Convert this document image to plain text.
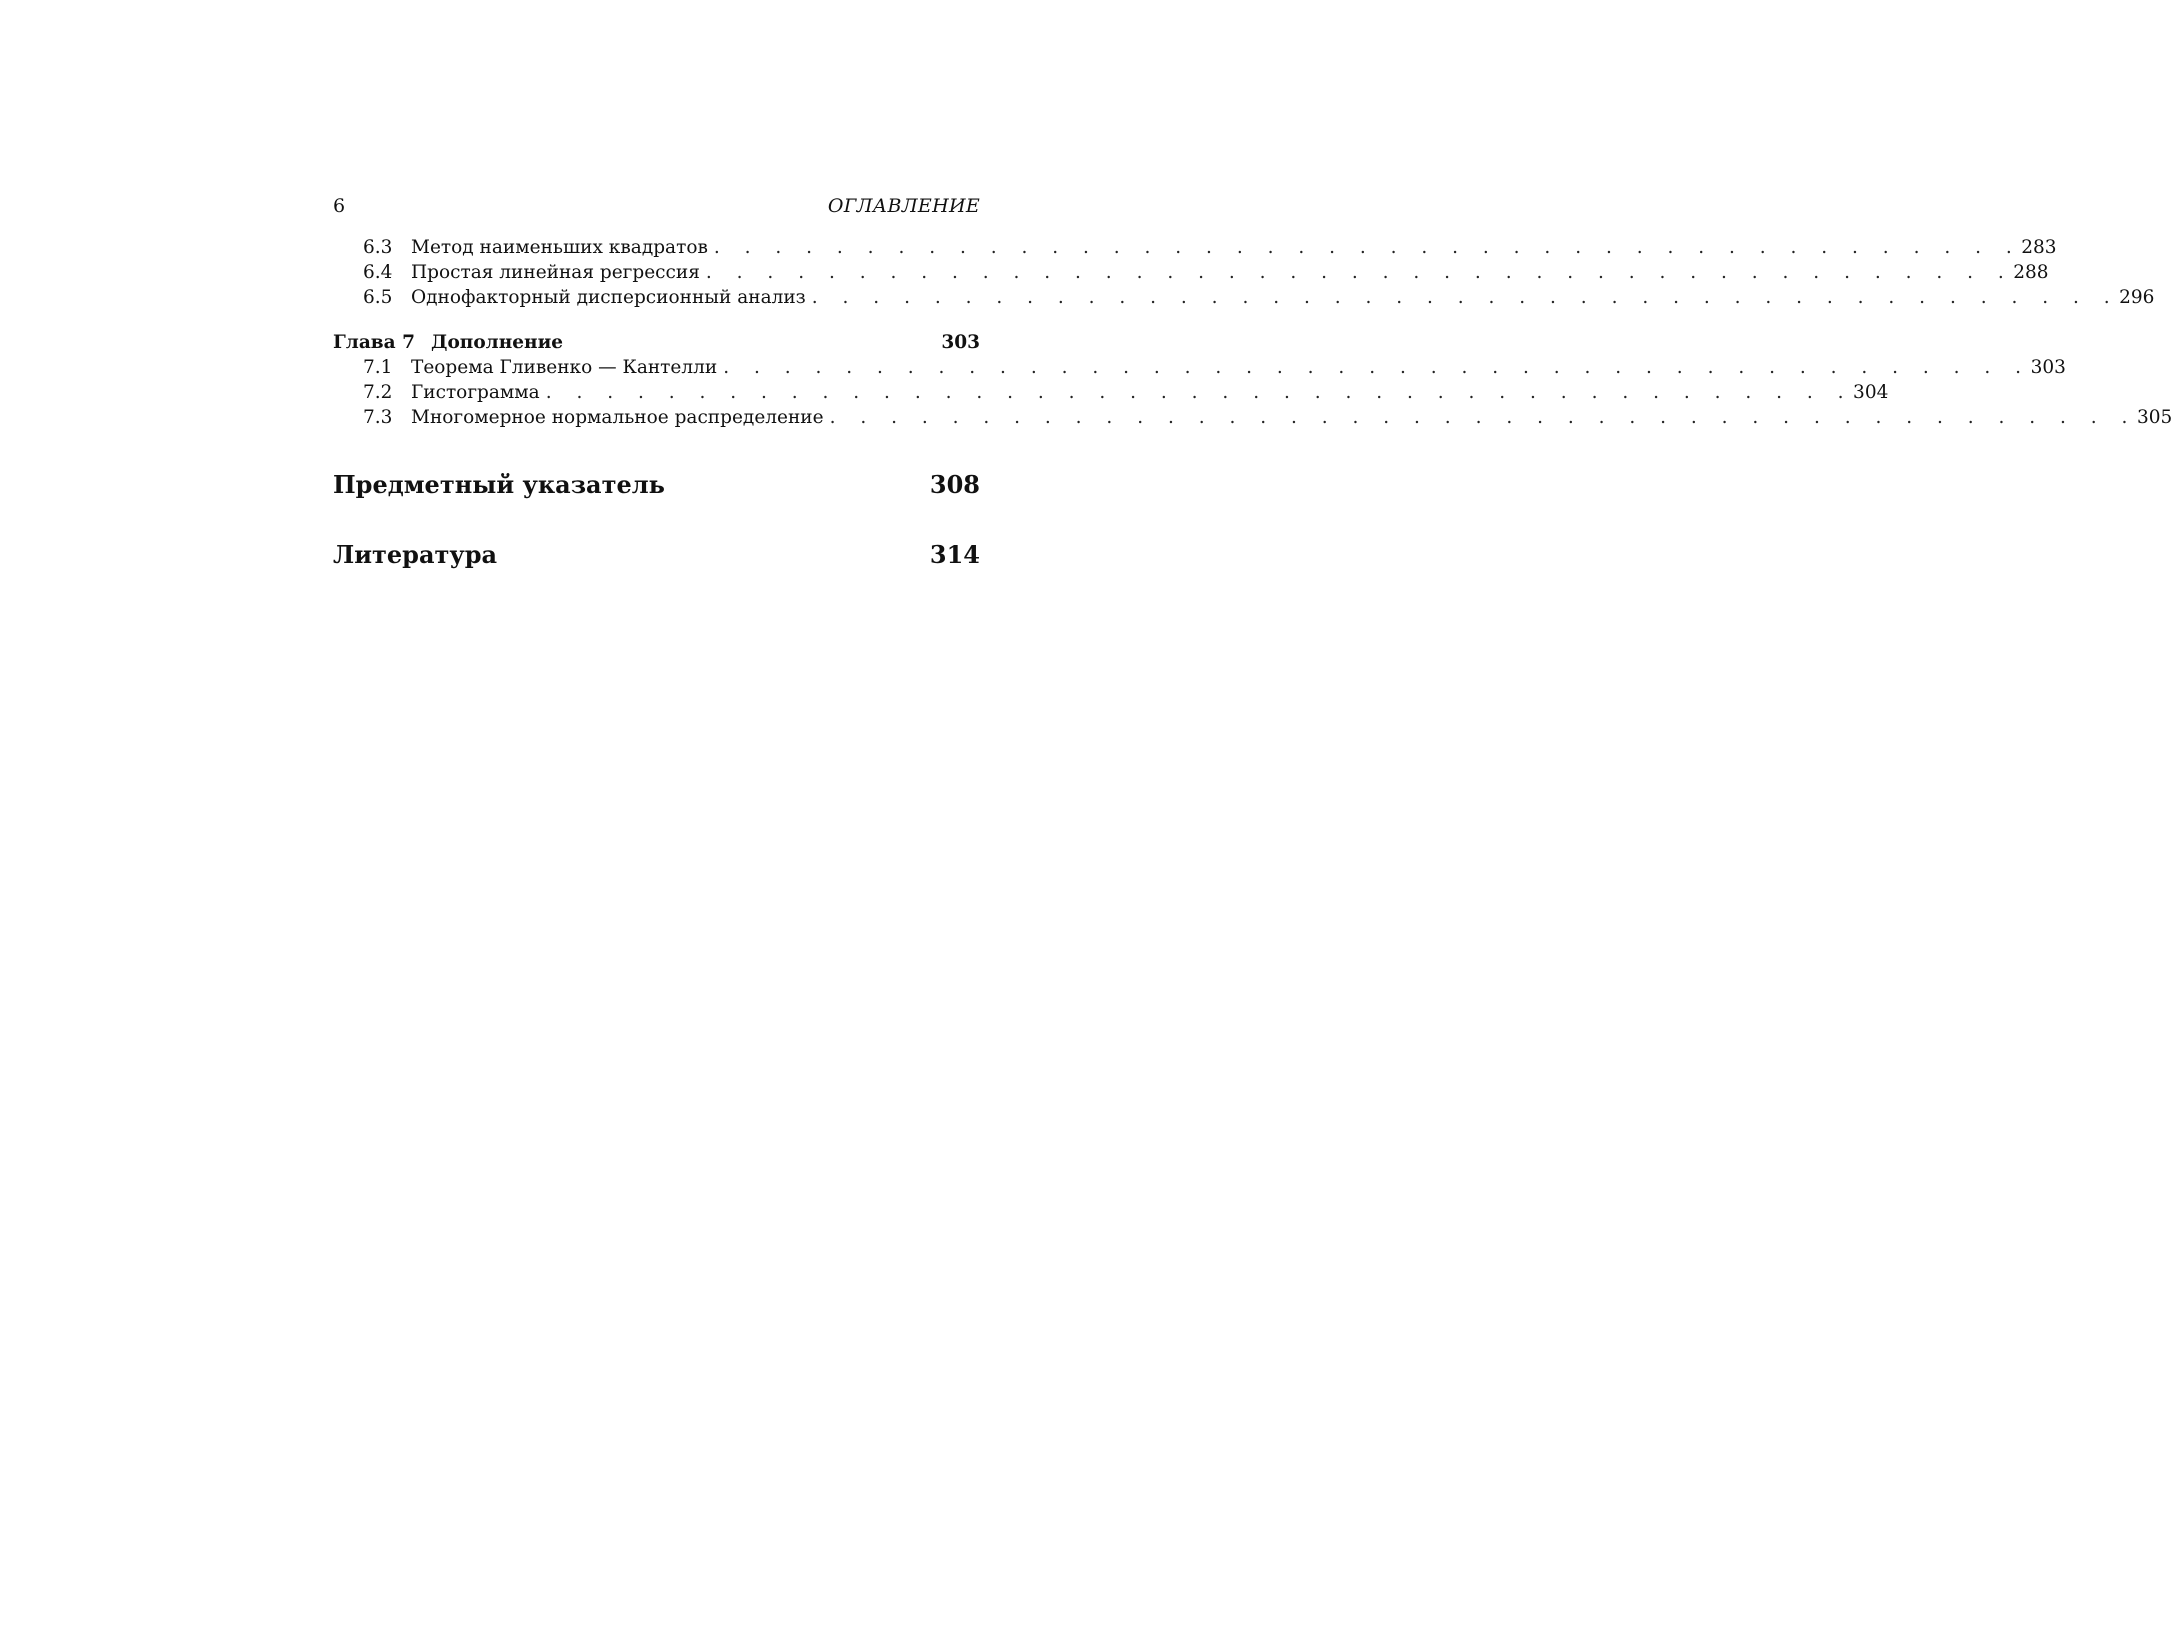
6	ОГЛАВЛЕНИЕ
6.3	Метод наименьших квадратов . . . . . . . . . . . . . . . . . . . . . . . . . . . . . . . . . . . . . . . . . . . 283
6.4	Простая линейная регрессия . . . . . . . . . . . . . . . . . . . . . . . . . . . . . . . . . . . . . . . . . . . 288
6.5	Однофакторный дисперсионный анализ . . . . . . . . . . . . . . . . . . . . . . . . . . . . . . . . . . . . . . . . . . . 296
Глава 7 Дополнение	303
7.1	Теорема Гливенко — Кантелли . . . . . . . . . . . . . . . . . . . . . . . . . . . . . . . . . . . . . . . . . . . 303
7.2	Гистограмма . . . . . . . . . . . . . . . . . . . . . . . . . . . . . . . . . . . . . . . . . . . 304
7.3	Многомерное нормальное распределение . . . . . . . . . . . . . . . . . . . . . . . . . . . . . . . . . . . . . . . . . . . 305
Предметный указатель	308
Литература	314
